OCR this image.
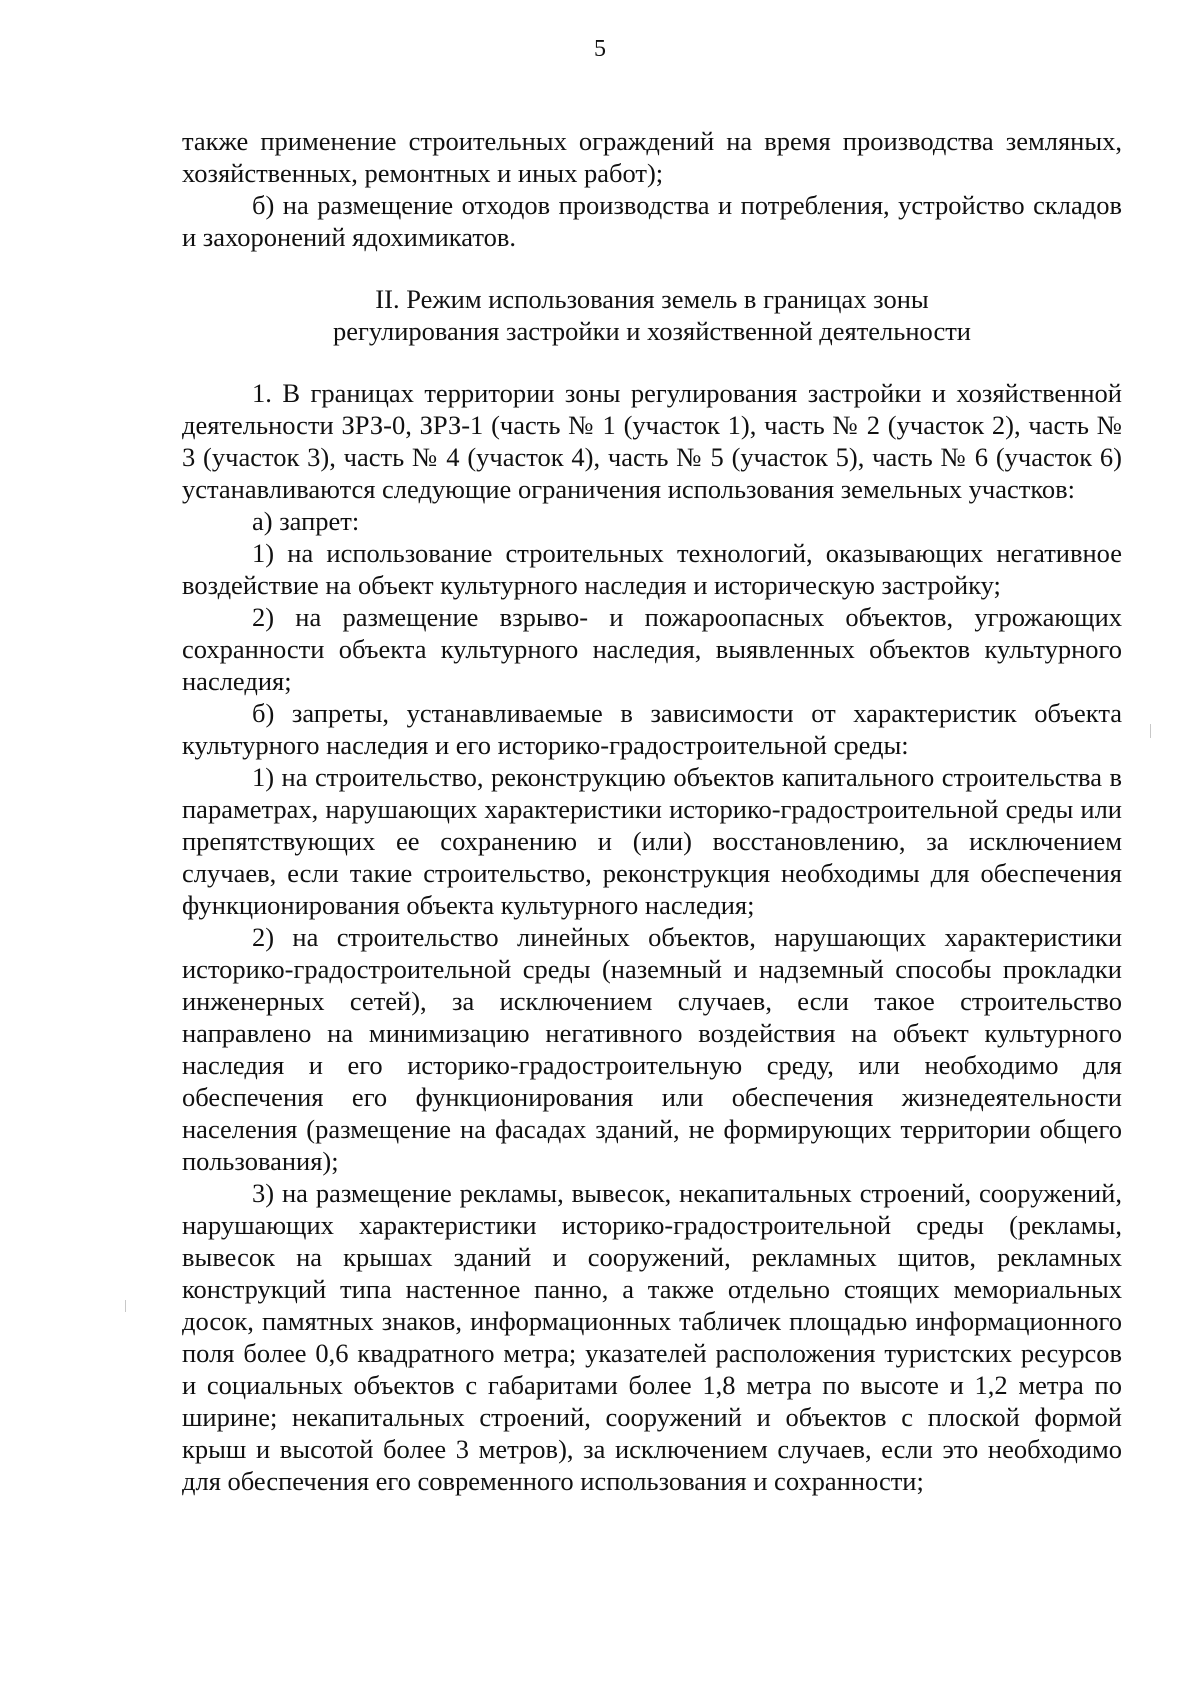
5

также применение строительных ограждений на время производства земляных, хозяйственных, ремонтных и иных работ);

б) на размещение отходов производства и потребления, устройство складов и захоронений ядохимикатов.

II. Режим использования земель в границах зоны
регулирования застройки и хозяйственной деятельности

1. В границах территории зоны регулирования застройки и хозяйственной деятельности ЗРЗ-0, ЗРЗ-1 (часть № 1 (участок 1), часть № 2 (участок 2), часть № 3 (участок 3), часть № 4 (участок 4), часть № 5 (участок 5), часть № 6 (участок 6) устанавливаются следующие ограничения использования земельных участков:

а) запрет:

1) на использование строительных технологий, оказывающих негативное воздействие на объект культурного наследия и историческую застройку;

2) на размещение взрыво- и пожароопасных объектов, угрожающих сохранности объекта культурного наследия, выявленных объектов культурного наследия;

б) запреты, устанавливаемые в зависимости от характеристик объекта культурного наследия и его историко-градостроительной среды:

1) на строительство, реконструкцию объектов капитального строительства в параметрах, нарушающих характеристики историко-градостроительной среды или препятствующих ее сохранению и (или) восстановлению, за исключением случаев, если такие строительство, реконструкция необходимы для обеспечения функционирования объекта культурного наследия;

2) на строительство линейных объектов, нарушающих характеристики историко-градостроительной среды (наземный и надземный способы прокладки инженерных сетей), за исключением случаев, если такое строительство направлено на минимизацию негативного воздействия на объект культурного наследия и его историко-градостроительную среду, или необходимо для обеспечения его функционирования или обеспечения жизнедеятельности населения (размещение на фасадах зданий, не формирующих территории общего пользования);

3) на размещение рекламы, вывесок, некапитальных строений, сооружений, нарушающих характеристики историко-градостроительной среды (рекламы, вывесок на крышах зданий и сооружений, рекламных щитов, рекламных конструкций типа настенное панно, а также отдельно стоящих мемориальных досок, памятных знаков, информационных табличек площадью информационного поля более 0,6 квадратного метра; указателей расположения туристских ресурсов и социальных объектов с габаритами более 1,8 метра по высоте и 1,2 метра по ширине; некапитальных строений, сооружений и объектов с плоской формой крыш и высотой более 3 метров), за исключением случаев, если это необходимо для обеспечения его современного использования и сохранности;
